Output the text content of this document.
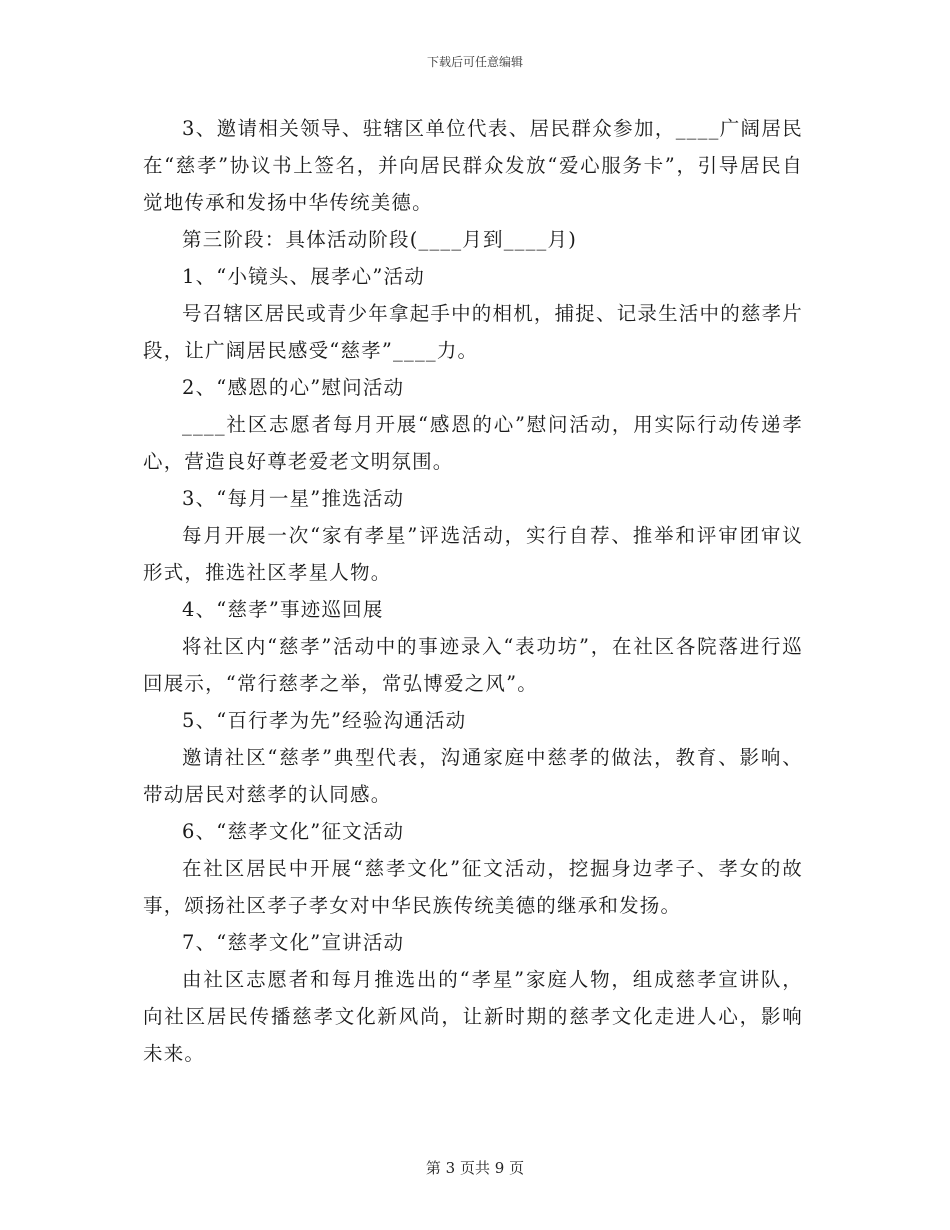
下载后可任意编辑

3、邀请相关领导、驻辖区单位代表、居民群众参加，____广阔居民在“慈孝”协议书上签名，并向居民群众发放“爱心服务卡”，引导居民自觉地传承和发扬中华传统美德。

第三阶段：具体活动阶段(____月到____月)

1、“小镜头、展孝心”活动

号召辖区居民或青少年拿起手中的相机，捕捉、记录生活中的慈孝片段，让广阔居民感受“慈孝”____力。

2、“感恩的心”慰问活动

____社区志愿者每月开展“感恩的心”慰问活动，用实际行动传递孝心，营造良好尊老爱老文明氛围。

3、“每月一星”推选活动

每月开展一次“家有孝星”评选活动，实行自荐、推举和评审团审议形式，推选社区孝星人物。

4、“慈孝”事迹巡回展

将社区内“慈孝”活动中的事迹录入“表功坊”，在社区各院落进行巡回展示，“常行慈孝之举，常弘博爱之风”。

5、“百行孝为先”经验沟通活动

邀请社区“慈孝”典型代表，沟通家庭中慈孝的做法，教育、影响、带动居民对慈孝的认同感。

6、“慈孝文化”征文活动

在社区居民中开展“慈孝文化”征文活动，挖掘身边孝子、孝女的故事，颂扬社区孝子孝女对中华民族传统美德的继承和发扬。

7、“慈孝文化”宣讲活动

由社区志愿者和每月推选出的“孝星”家庭人物，组成慈孝宣讲队，向社区居民传播慈孝文化新风尚，让新时期的慈孝文化走进人心，影响未来。

第 3 页共 9 页
